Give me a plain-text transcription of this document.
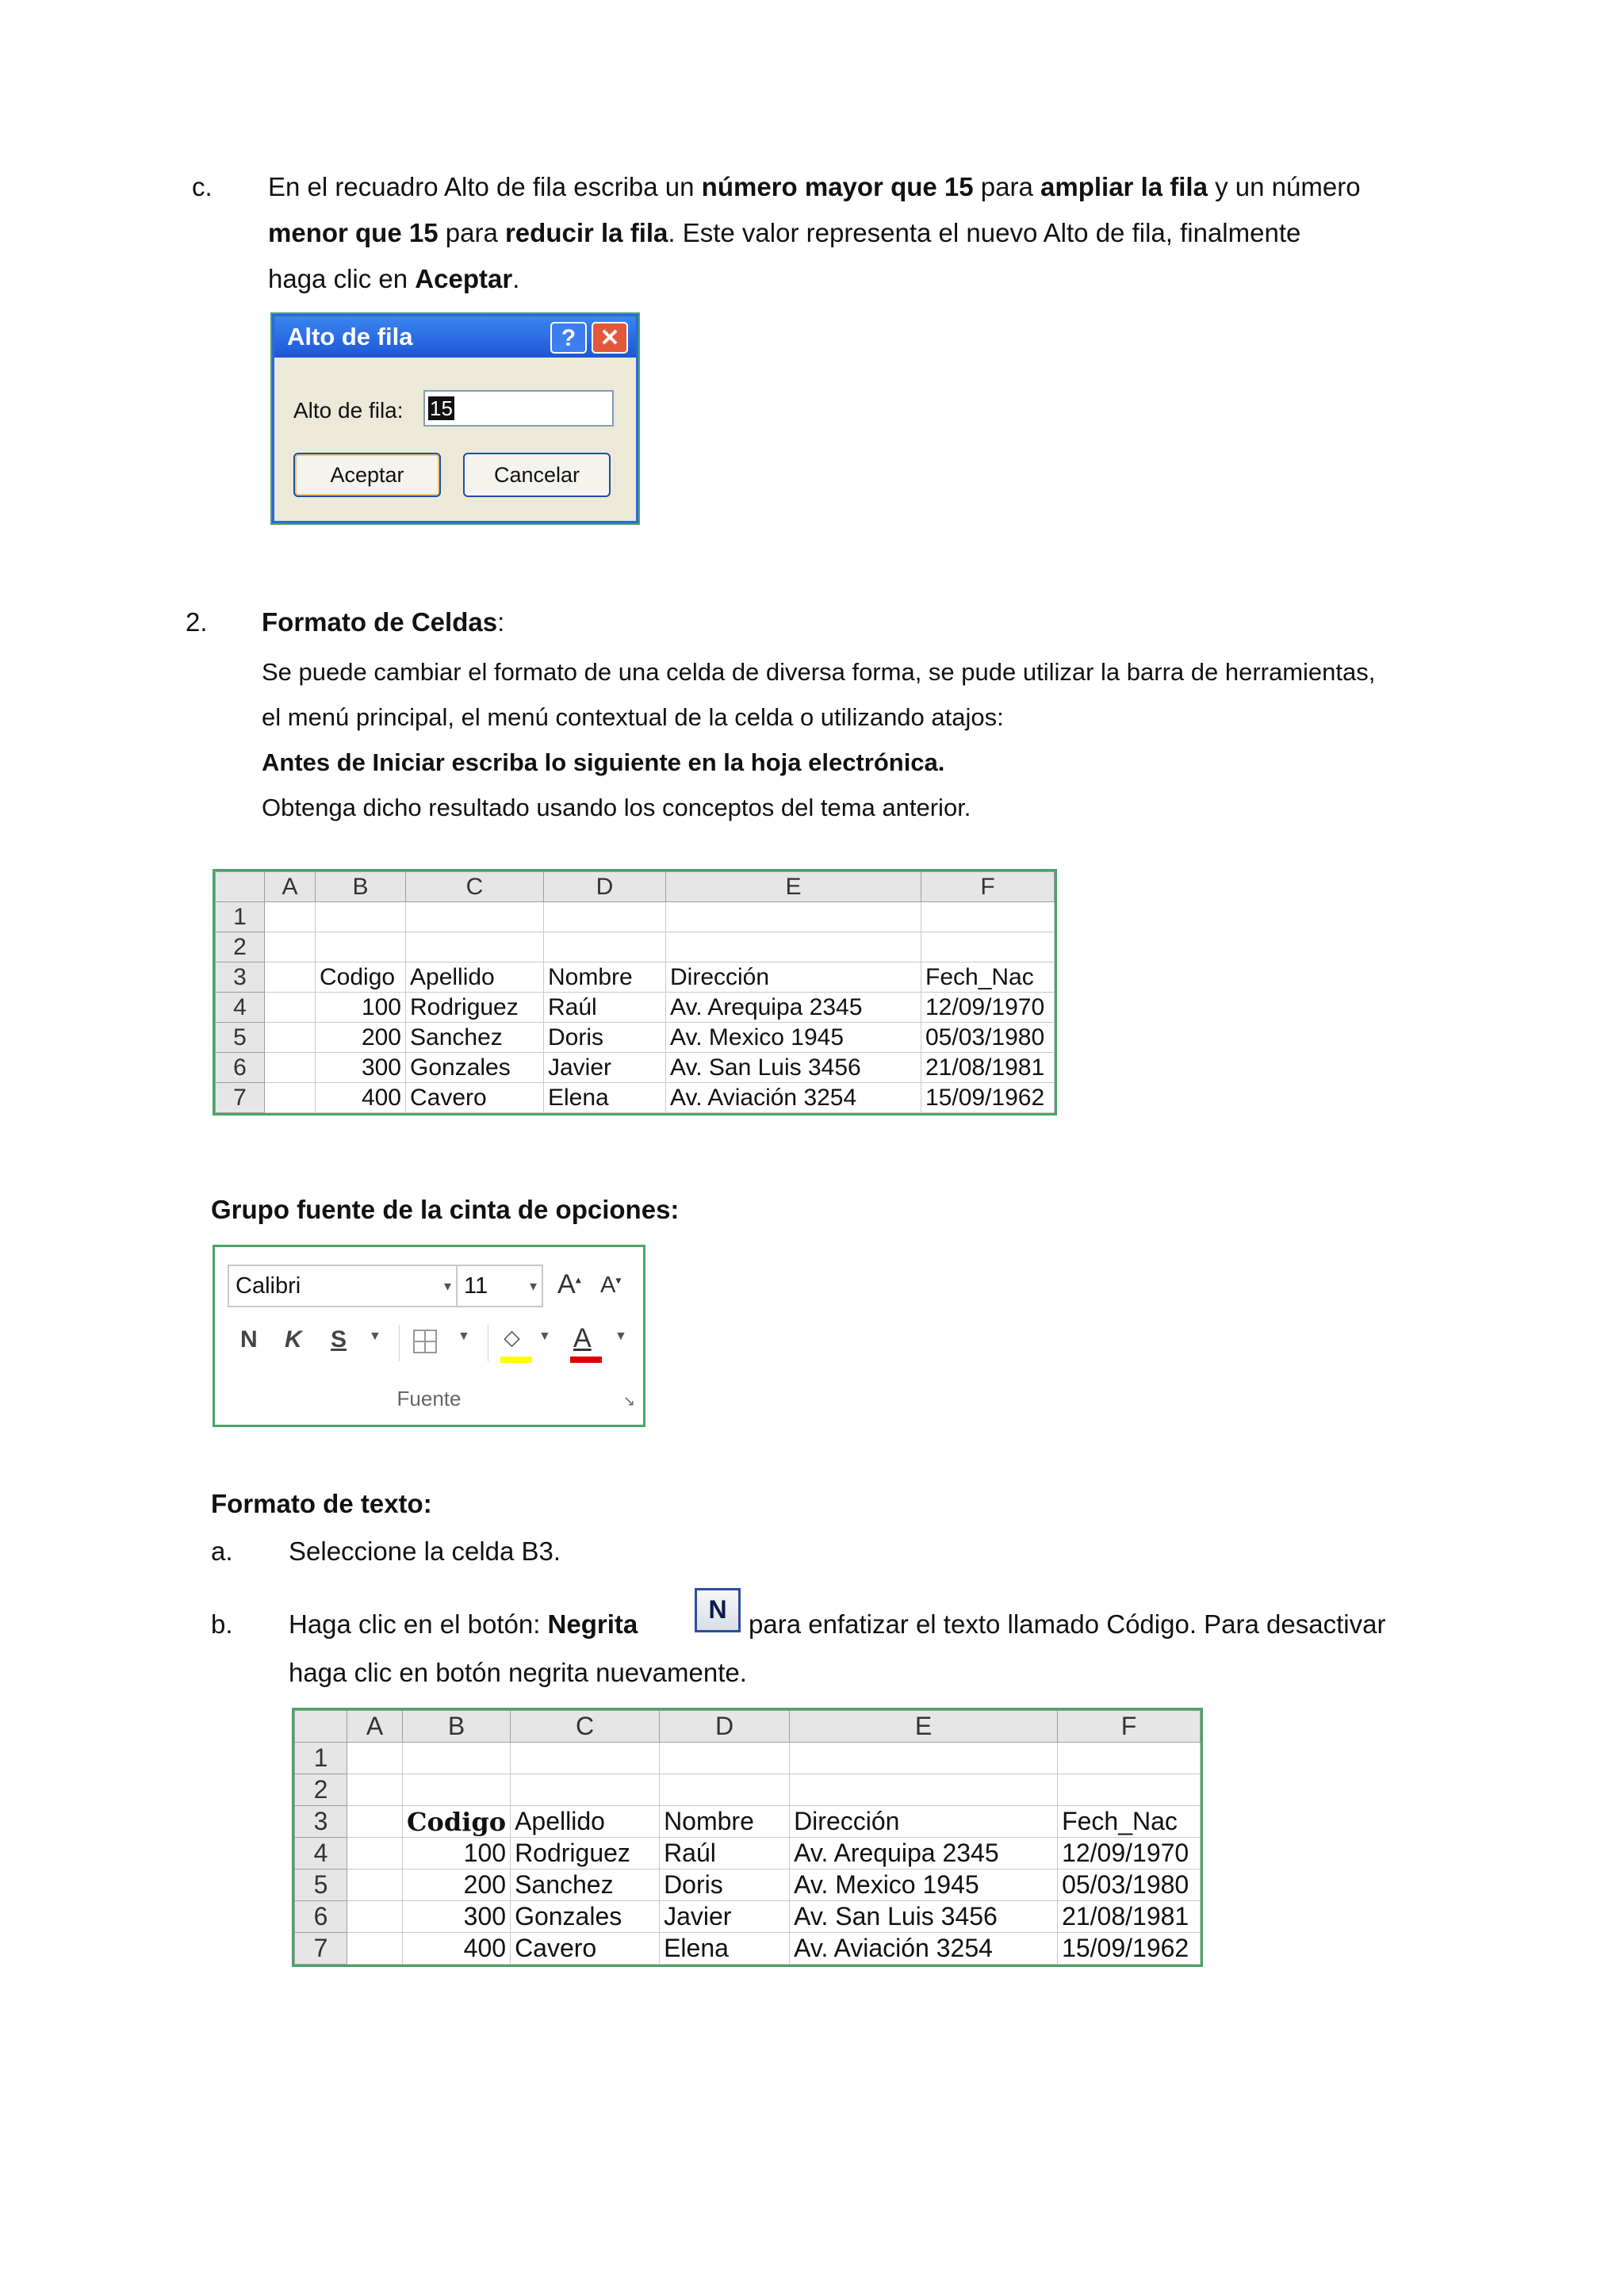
c. En el recuadro Alto de fila escriba un número mayor que 15 para ampliar la fila y un número
menor que 15 para reducir la fila. Este valor representa el nuevo Alto de fila, finalmente
haga clic en Aceptar.
Alto de fila	?	✕
Alto de fila: 15
Aceptar	Cancelar
2. Formato de Celdas:
Se puede cambiar el formato de una celda de diversa forma, se pude utilizar la barra de herramientas,
el menú principal, el menú contextual de la celda o utilizando atajos:
Antes de Iniciar escriba lo siguiente en la hoja electrónica.
Obtenga dicho resultado usando los conceptos del tema anterior.
	A	B	C	D	E	F
1						
2						
3		Codigo	Apellido	Nombre	Dirección	Fech_Nac
4		100	Rodriguez	Raúl	Av. Arequipa 2345	12/09/1970
5		200	Sanchez	Doris	Av. Mexico 1945	05/03/1980
6		300	Gonzales	Javier	Av. San Luis 3456	21/08/1981
7		400	Cavero	Elena	Av. Aviación 3254	15/09/1962
Grupo fuente de la cinta de opciones:
Calibri	▾ 11	▾ A▴ A▾
N K S ▼	▼ ⬦ ▼ A ▼
Fuente	↘
Formato de texto:
a. Seleccione la celda B3.
b. Haga clic en el botón: Negrita	N para enfatizar el texto llamado Código. Para desactivar
haga clic en botón negrita nuevamente.
	A	B	C	D	E	F
1						
2						
3		Codigo	Apellido	Nombre	Dirección	Fech_Nac
4		100	Rodriguez	Raúl	Av. Arequipa 2345	12/09/1970
5		200	Sanchez	Doris	Av. Mexico 1945	05/03/1980
6		300	Gonzales	Javier	Av. San Luis 3456	21/08/1981
7		400	Cavero	Elena	Av. Aviación 3254	15/09/1962
